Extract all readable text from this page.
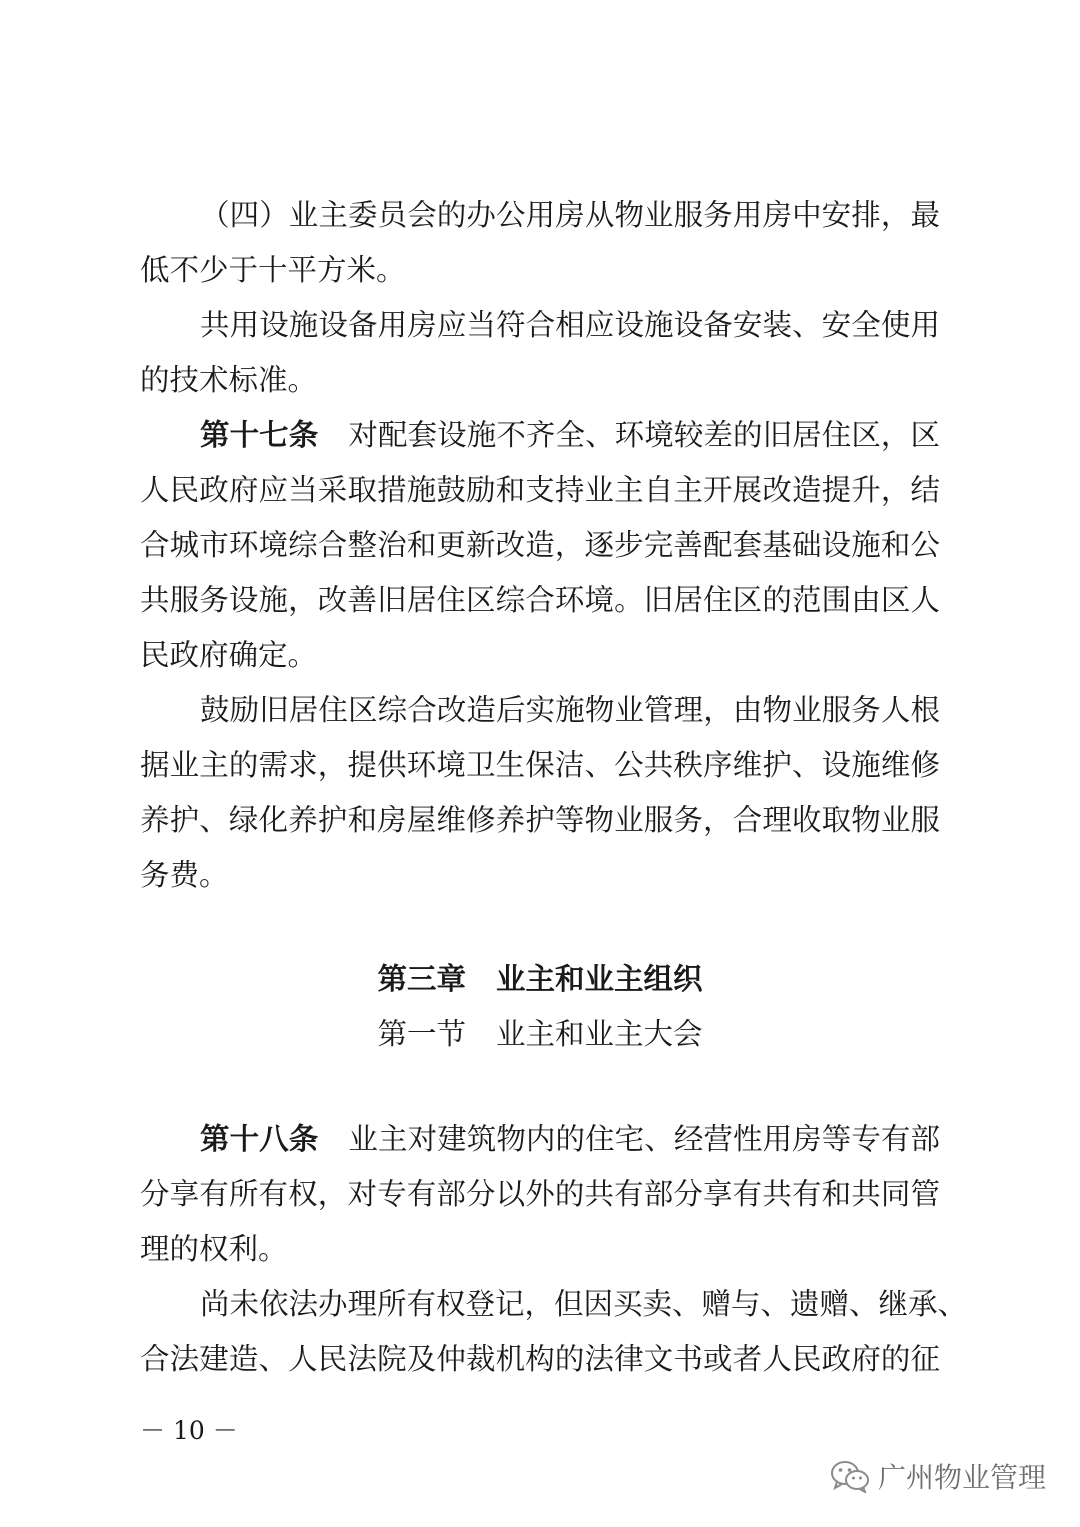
（四）业主委员会的办公用房从物业服务用房中安排，最
低不少于十平方米。
共用设施设备用房应当符合相应设施设备安装、安全使用
的技术标准。
第十七条 对配套设施不齐全、环境较差的旧居住区，区
人民政府应当采取措施鼓励和支持业主自主开展改造提升，结
合城市环境综合整治和更新改造，逐步完善配套基础设施和公
共服务设施，改善旧居住区综合环境。旧居住区的范围由区人
民政府确定。
鼓励旧居住区综合改造后实施物业管理，由物业服务人根
据业主的需求，提供环境卫生保洁、公共秩序维护、设施维修
养护、绿化养护和房屋维修养护等物业服务，合理收取物业服
务费。
第三章 业主和业主组织
第一节 业主和业主大会
第十八条 业主对建筑物内的住宅、经营性用房等专有部
分享有所有权，对专有部分以外的共有部分享有共有和共同管
理的权利。
尚未依法办理所有权登记，但因买卖、赠与、遗赠、继承、
合法建造、人民法院及仲裁机构的法律文书或者人民政府的征
－ 10 －
广州物业管理
